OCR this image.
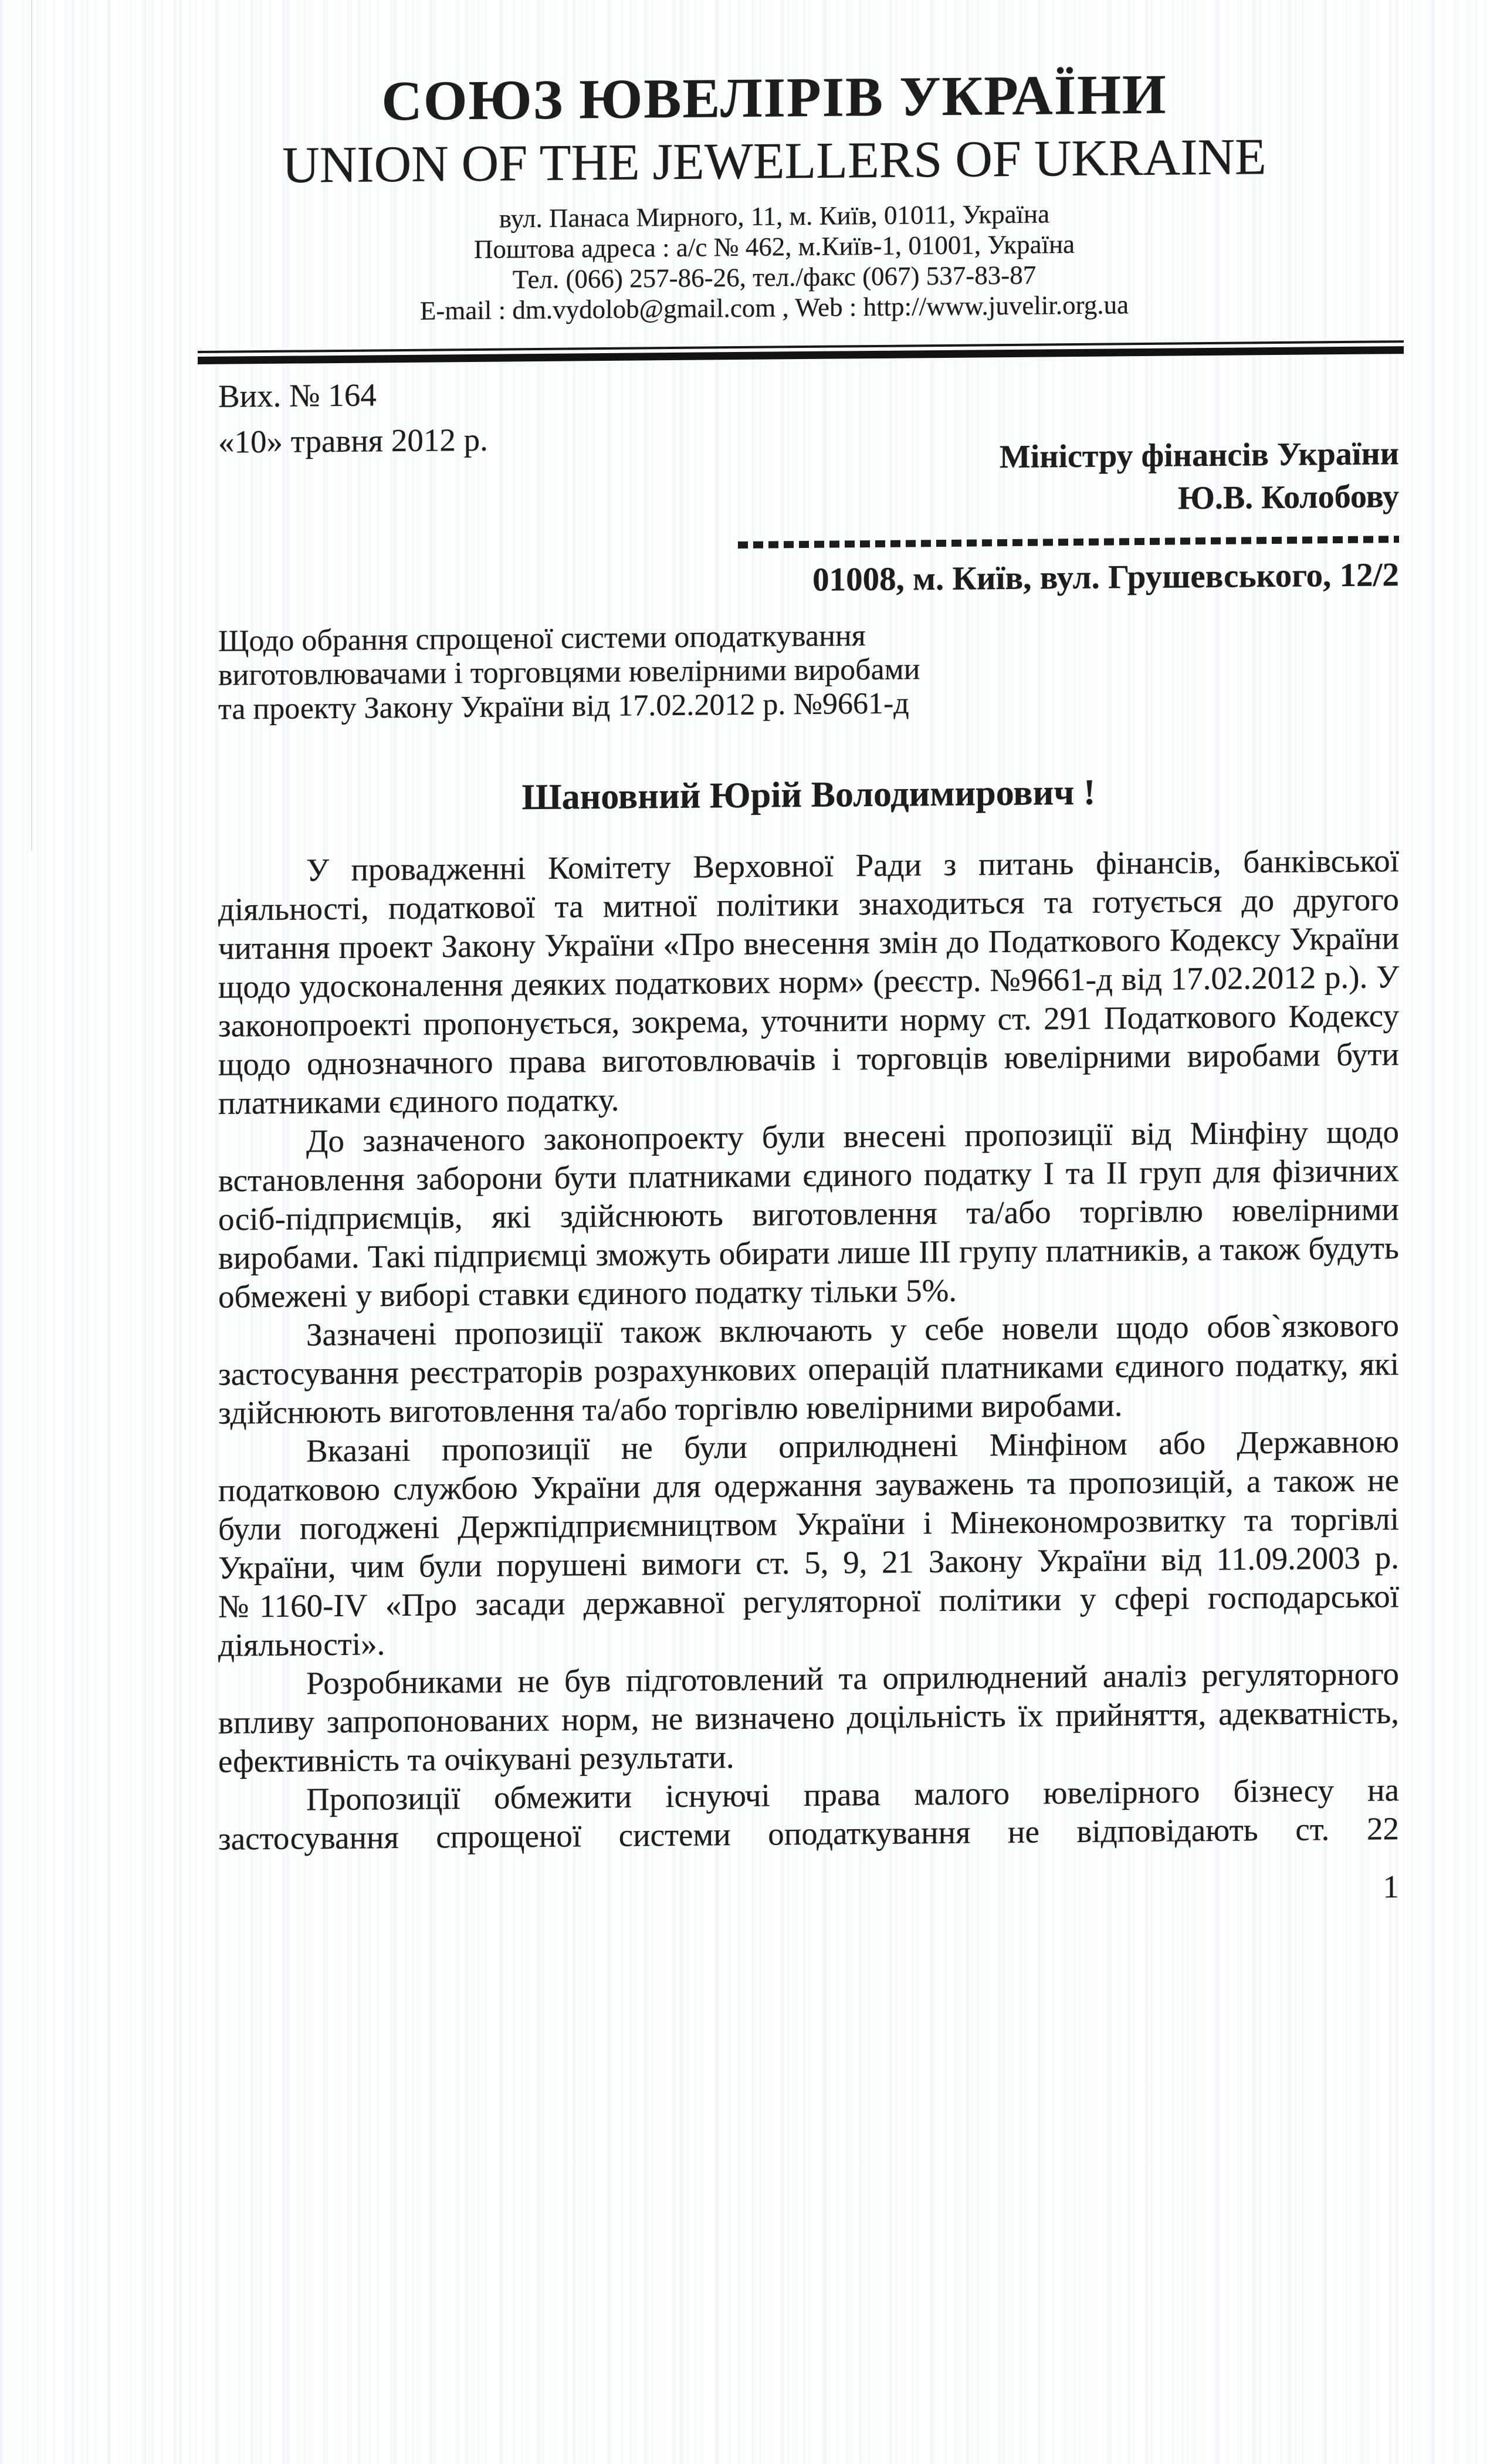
СОЮЗ ЮВЕЛІРІВ УКРАЇНИ
UNION OF THE JEWELLERS OF UKRAINE
вул. Панаса Мирного, 11, м. Київ, 01011, Україна
Поштова адреса : а/с № 462, м.Київ-1, 01001, Україна
Тел. (066) 257-86-26, тел./факс (067) 537-83-87
E-mail : dm.vydolob@gmail.com , Web : http://www.juvelir.org.ua
Вих. № 164
«10» травня 2012 р.	Міністру фінансів України
Ю.В. Колобову
01008, м. Київ, вул. Грушевського, 12/2
Щодо обрання спрощеної системи оподаткування
виготовлювачами і торговцями ювелірними виробами
та проекту Закону України від 17.02.2012 р. №9661-д
Шановний Юрій Володимирович !

У провадженні Комітету Верховної Ради з питань фінансів, банківської діяльності, податкової та митної політики знаходиться та готується до другого читання проект Закону України «Про внесення змін до Податкового Кодексу України щодо удосконалення деяких податкових норм» (реєстр. №9661-д від 17.02.2012 р.). У законопроекті пропонується, зокрема, уточнити норму ст. 291 Податкового Кодексу щодо однозначного права виготовлювачів і торговців ювелірними виробами бути платниками єдиного податку.

До зазначеного законопроекту були внесені пропозиції від Мінфіну щодо встановлення заборони бути платниками єдиного податку І та ІІ груп для фізичних осіб-підприємців, які здійснюють виготовлення та/або торгівлю ювелірними виробами. Такі підприємці зможуть обирати лише ІІІ групу платників, а також будуть обмежені у виборі ставки єдиного податку тільки 5%.

Зазначені пропозиції також включають у себе новели щодо обов`язкового застосування реєстраторів розрахункових операцій платниками єдиного податку, які здійснюють виготовлення та/або торгівлю ювелірними виробами.

Вказані пропозиції не були оприлюднені Мінфіном або Державною податковою службою України для одержання зауважень та пропозицій, а також не були погоджені Держпідприємництвом України і Мінекономрозвитку та торгівлі України, чим були порушені вимоги ст. 5, 9, 21 Закону України від 11.09.2003 р. №1160-IV «Про засади державної регуляторної політики у сфері господарської діяльності».

Розробниками не був підготовлений та оприлюднений аналіз регуляторного впливу запропонованих норм, не визначено доцільність їх прийняття, адекватність, ефективність та очікувані результати.

Пропозиції обмежити існуючі права малого ювелірного бізнесу на застосування спрощеної системи оподаткування не відповідають ст. 22

1
